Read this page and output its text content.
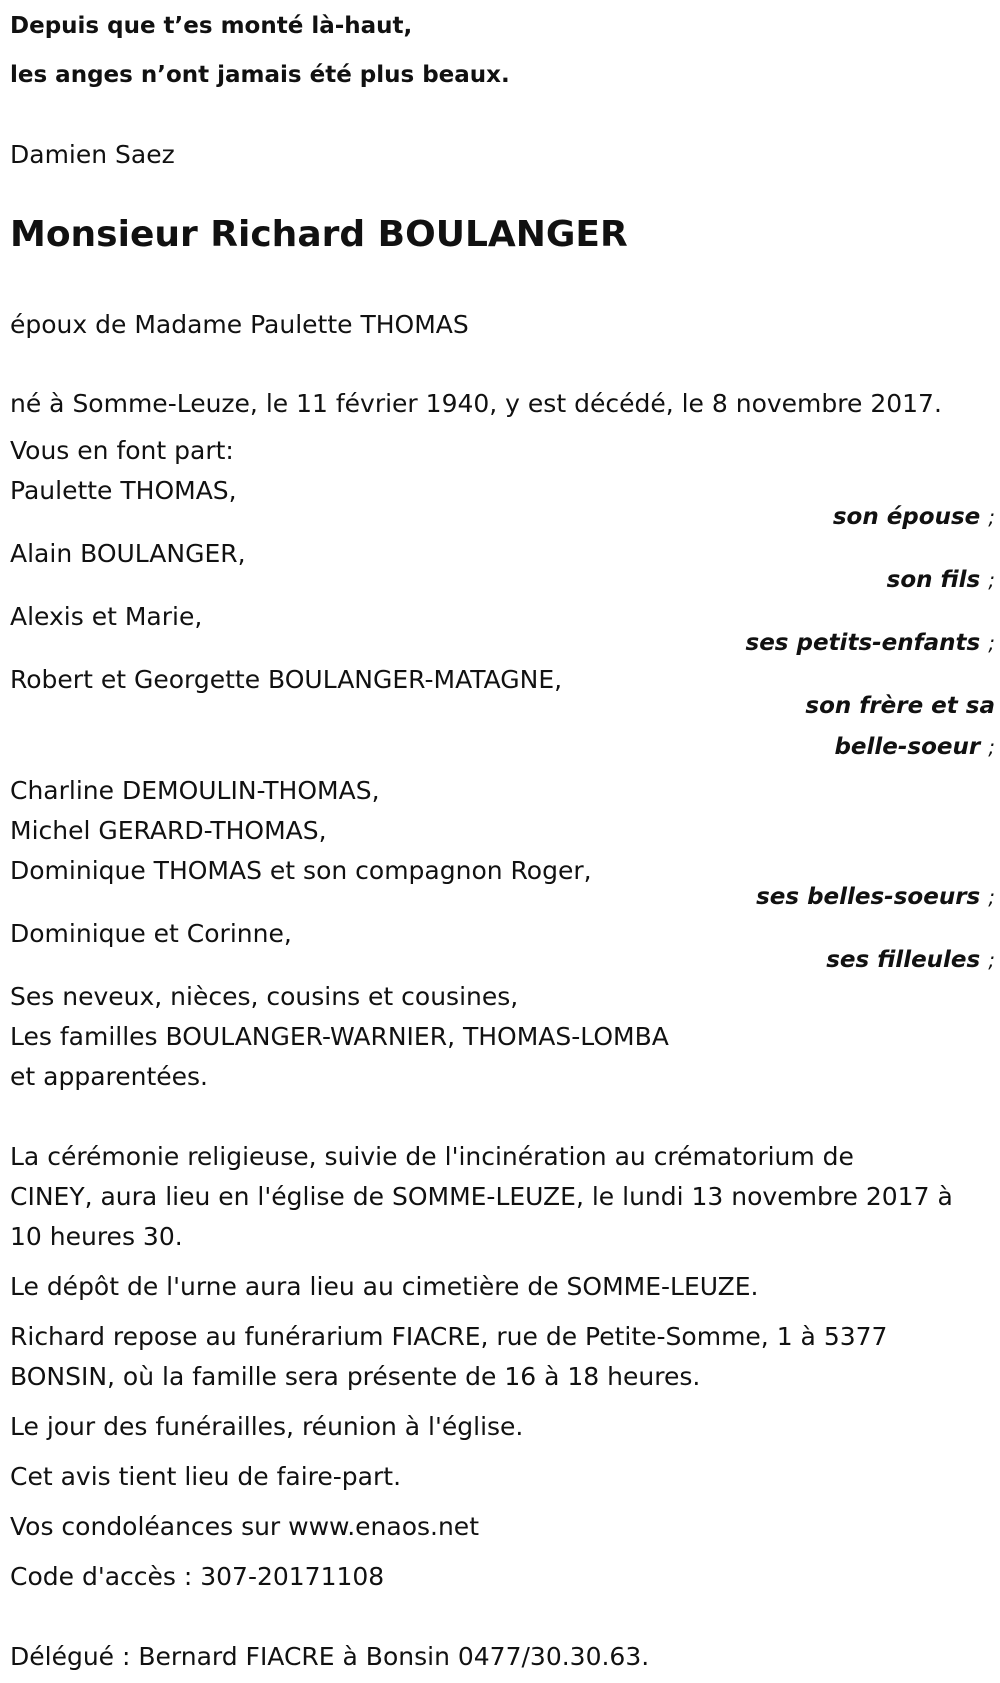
Depuis que t’es monté là-haut,
les anges n’ont jamais été plus beaux.
Damien Saez
Monsieur Richard BOULANGER
époux de Madame Paulette THOMAS
né à Somme-Leuze, le 11 février 1940, y est décédé, le 8 novembre 2017.
Vous en font part:
Paulette THOMAS,
son épouse ;
Alain BOULANGER,
son fils ;
Alexis et Marie,
ses petits-enfants ;
Robert et Georgette BOULANGER-MATAGNE,
son frère et sa
belle-soeur ;
Charline DEMOULIN-THOMAS,
Michel GERARD-THOMAS,
Dominique THOMAS et son compagnon Roger,
ses belles-soeurs ;
Dominique et Corinne,
ses filleules ;
Ses neveux, nièces, cousins et cousines,
Les familles BOULANGER-WARNIER, THOMAS-LOMBA
et apparentées.
La cérémonie religieuse, suivie de l'incinération au crématorium de
CINEY, aura lieu en l'église de SOMME-LEUZE, le lundi 13 novembre 2017 à
10 heures 30.
Le dépôt de l'urne aura lieu au cimetière de SOMME-LEUZE.
Richard repose au funérarium FIACRE, rue de Petite-Somme, 1 à 5377
BONSIN, où la famille sera présente de 16 à 18 heures.
Le jour des funérailles, réunion à l'église.
Cet avis tient lieu de faire-part.
Vos condoléances sur www.enaos.net
Code d'accès : 307-20171108
Délégué : Bernard FIACRE à Bonsin 0477/30.30.63.
